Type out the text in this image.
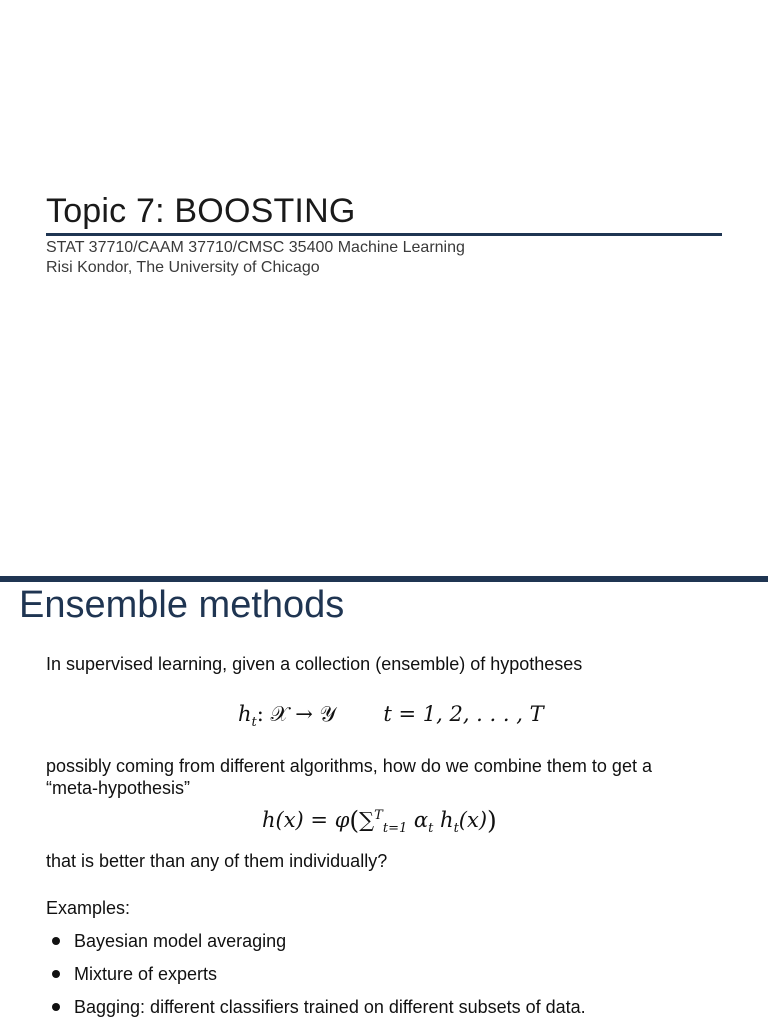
Topic 7: BOOSTING
STAT 37710/CAAM 37710/CMSC 35400 Machine Learning
Risi Kondor, The University of Chicago
Ensemble methods
In supervised learning, given a collection (ensemble) of hypotheses
$h_t$: 𝒳 → 𝒴 t = 1, 2, . . . , T
possibly coming from different algorithms, how do we combine them to get a
“meta-hypothesis”
h(x) = φ(∑$^T_{t=1}$ $\alpha_t$ $h_t(x)$)
that is better than any of them individually?
Examples:
Bayesian model averaging
Mixture of experts
Bagging: different classifiers trained on different subsets of data.
